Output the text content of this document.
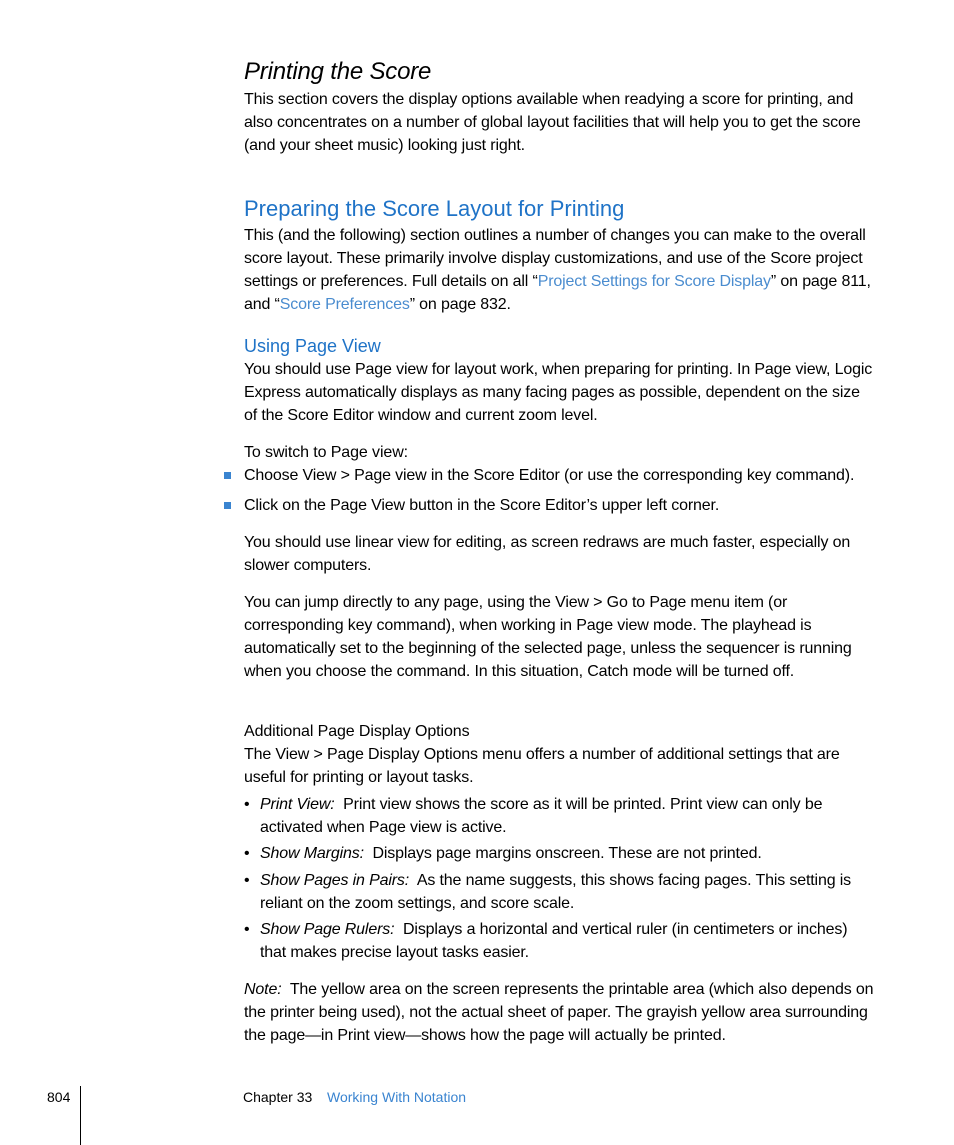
Printing the Score

This section covers the display options available when readying a score for printing, and also concentrates on a number of global layout facilities that will help you to get the score (and your sheet music) looking just right.

Preparing the Score Layout for Printing

This (and the following) section outlines a number of changes you can make to the overall score layout. These primarily involve display customizations, and use of the Score project settings or preferences. Full details on all “Project Settings for Score Display” on page 811, and “Score Preferences” on page 832.

Using Page View

You should use Page view for layout work, when preparing for printing. In Page view, Logic Express automatically displays as many facing pages as possible, dependent on the size of the Score Editor window and current zoom level.

To switch to Page view:

Choose View > Page view in the Score Editor (or use the corresponding key command).

Click on the Page View button in the Score Editor’s upper left corner.

You should use linear view for editing, as screen redraws are much faster, especially on slower computers.

You can jump directly to any page, using the View > Go to Page menu item (or corresponding key command), when working in Page view mode. The playhead is automatically set to the beginning of the selected page, unless the sequencer is running when you choose the command. In this situation, Catch mode will be turned off.

Additional Page Display Options

The View > Page Display Options menu offers a number of additional settings that are useful for printing or layout tasks.

• Print View: Print view shows the score as it will be printed. Print view can only be activated when Page view is active.

• Show Margins: Displays page margins onscreen. These are not printed.

• Show Pages in Pairs: As the name suggests, this shows facing pages. This setting is reliant on the zoom settings, and score scale.

• Show Page Rulers: Displays a horizontal and vertical ruler (in centimeters or inches) that makes precise layout tasks easier.

Note: The yellow area on the screen represents the printable area (which also depends on the printer being used), not the actual sheet of paper. The grayish yellow area surrounding the page—in Print view—shows how the page will actually be printed.

804	Chapter 33 Working With Notation
